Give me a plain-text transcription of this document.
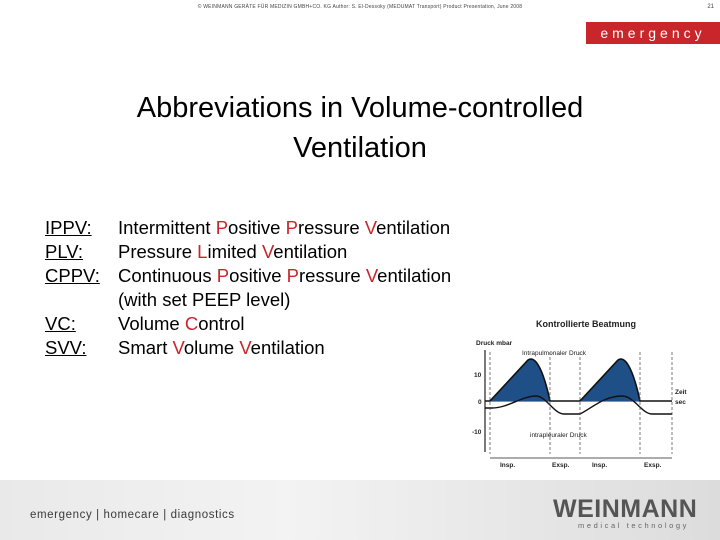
© WEINMANN GERÄTE FÜR MEDIZIN GMBH+CO. KG Author: S. El-Dessoky (MEDUMAT Transport) Product Presentation, June 2008	21
emergency
Abbreviations in Volume-controlled
Ventilation
IPPV:	Intermittent Positive Pressure Ventilation
PLV:	Pressure Limited Ventilation
CPPV: Continuous Positive Pressure Ventilation
(with set PEEP level)
VC:	Volume Control
SVV:	Smart Volume Ventilation
Kontrollierte Beatmung
Druck mbar
Intrapulmonaler Druck
intrapleuraler Druck
Zeit
sec
10
0
-10
Insp.	Exsp.	Insp.	Exsp.
emergency | homecare | diagnostics	WEINMANN
medical technology
